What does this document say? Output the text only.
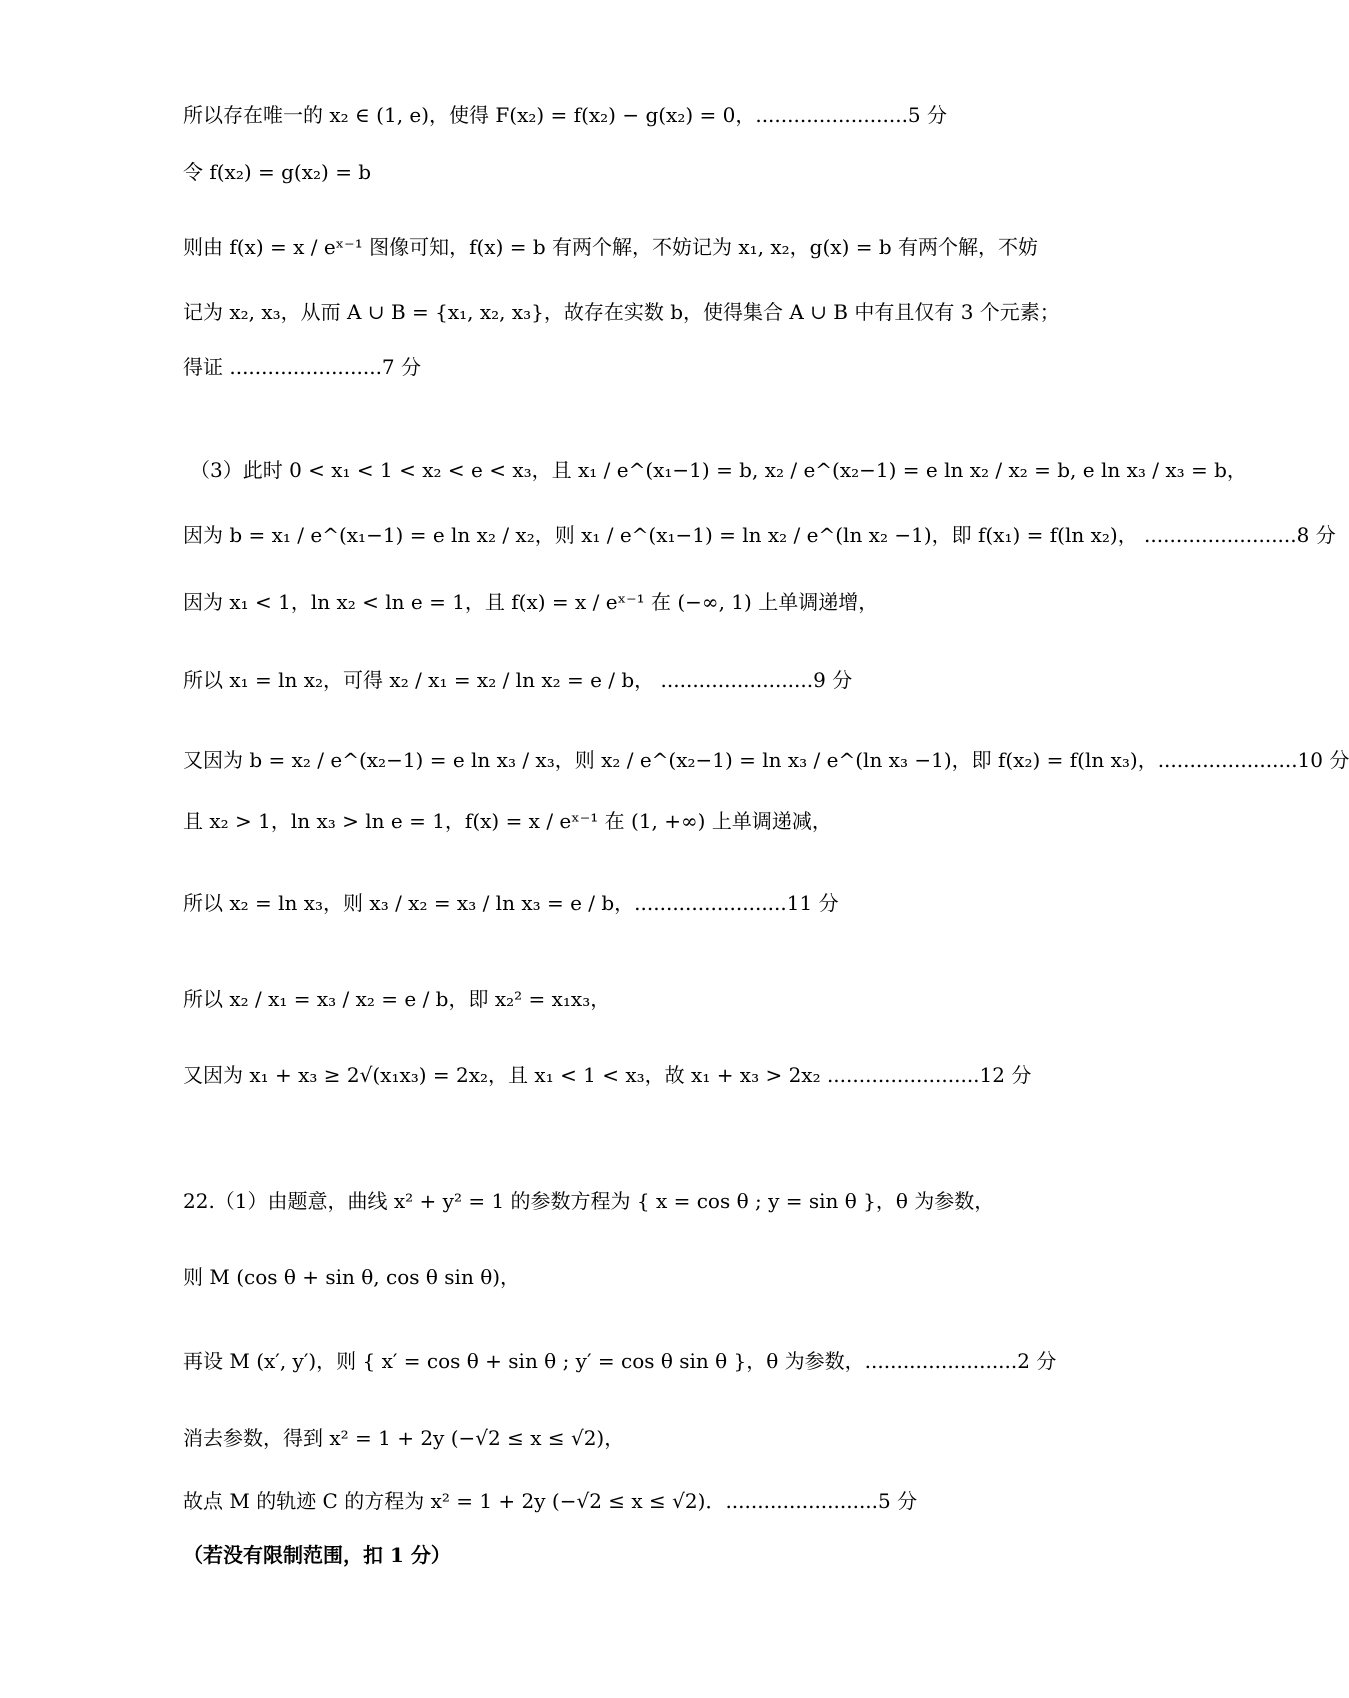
所以存在唯一的 x₂ ∈ (1, e)，使得 F(x₂) = f(x₂) − g(x₂) = 0，........................5 分
令 f(x₂) = g(x₂) = b
则由 f(x) = x / eˣ⁻¹ 图像可知，f(x) = b 有两个解，不妨记为 x₁, x₂，g(x) = b 有两个解，不妨
记为 x₂, x₃，从而 A ∪ B = {x₁, x₂, x₃}，故存在实数 b，使得集合 A ∪ B 中有且仅有 3 个元素；
得证 ........................7 分
（3）此时 0 < x₁ < 1 < x₂ < e < x₃，且 x₁ / e^(x₁−1) = b, x₂ / e^(x₂−1) = e ln x₂ / x₂ = b, e ln x₃ / x₃ = b，
因为 b = x₁ / e^(x₁−1) = e ln x₂ / x₂，则 x₁ / e^(x₁−1) = ln x₂ / e^(ln x₂ −1)，即 f(x₁) = f(ln x₂)， ........................8 分
因为 x₁ < 1，ln x₂ < ln e = 1，且 f(x) = x / eˣ⁻¹ 在 (−∞, 1) 上单调递增，
所以 x₁ = ln x₂，可得 x₂ / x₁ = x₂ / ln x₂ = e / b， ........................9 分
又因为 b = x₂ / e^(x₂−1) = e ln x₃ / x₃，则 x₂ / e^(x₂−1) = ln x₃ / e^(ln x₃ −1)，即 f(x₂) = f(ln x₃)，......................10 分
且 x₂ > 1，ln x₃ > ln e = 1，f(x) = x / eˣ⁻¹ 在 (1, +∞) 上单调递减，
所以 x₂ = ln x₃，则 x₃ / x₂ = x₃ / ln x₃ = e / b，........................11 分
所以 x₂ / x₁ = x₃ / x₂ = e / b，即 x₂² = x₁x₃，
又因为 x₁ + x₃ ≥ 2√(x₁x₃) = 2x₂，且 x₁ < 1 < x₃，故 x₁ + x₃ > 2x₂ ........................12 分
22.（1）由题意，曲线 x² + y² = 1 的参数方程为 { x = cos θ ; y = sin θ }，θ 为参数，
则 M (cos θ + sin θ, cos θ sin θ)，
再设 M (x′, y′)，则 { x′ = cos θ + sin θ ; y′ = cos θ sin θ }，θ 为参数，........................2 分
消去参数，得到 x² = 1 + 2y (−√2 ≤ x ≤ √2)，
故点 M 的轨迹 C 的方程为 x² = 1 + 2y (−√2 ≤ x ≤ √2)．........................5 分
（若没有限制范围，扣 1 分）
